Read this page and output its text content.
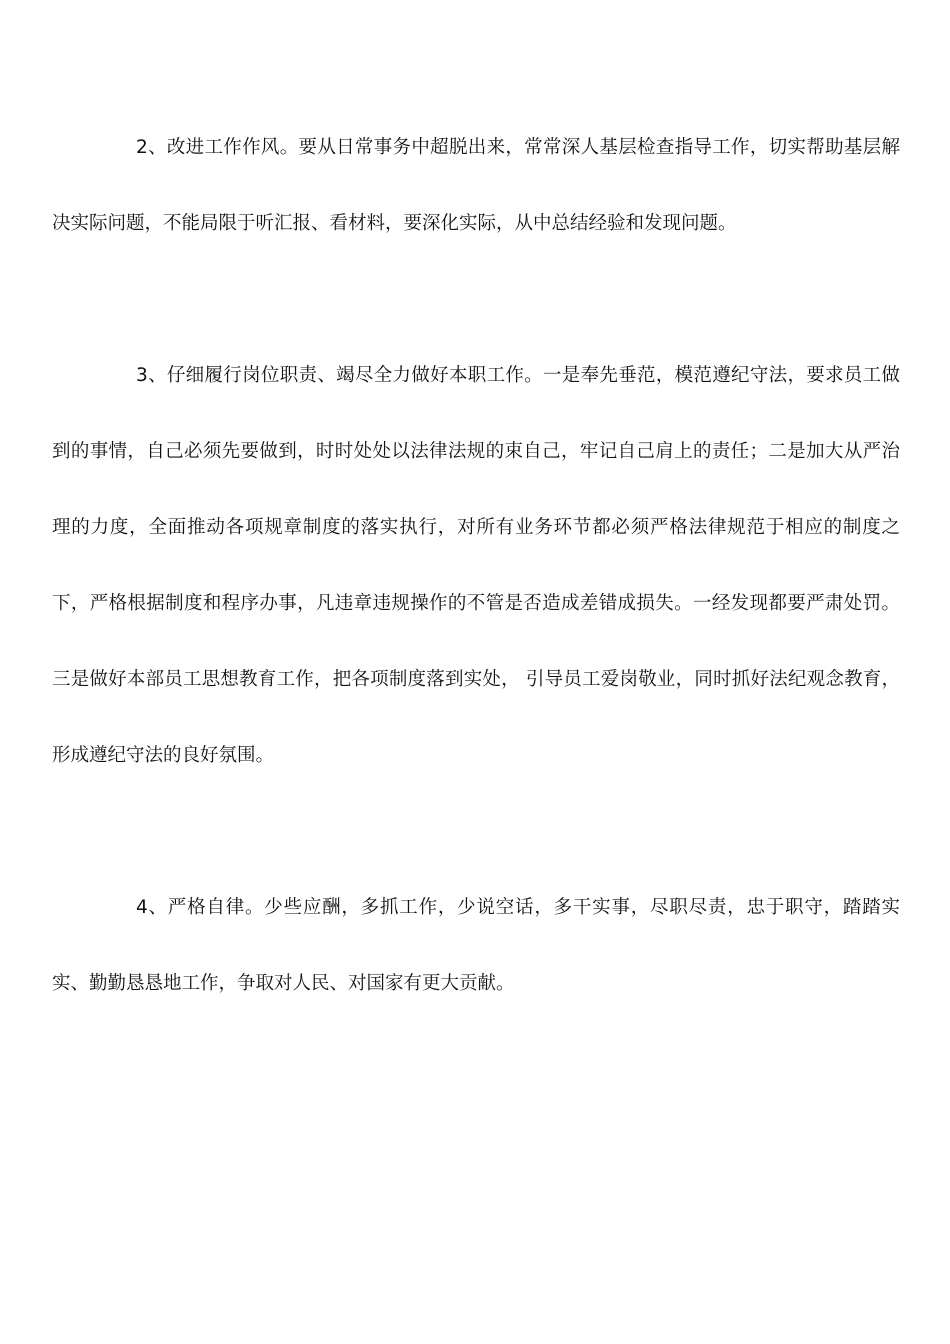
2、改进工作作风。要从日常事务中超脱出来，常常深人基层检查指导工作，切实帮助基层解决实际问题，不能局限于听汇报、看材料，要深化实际，从中总结经验和发现问题。

3、仔细履行岗位职责、竭尽全力做好本职工作。一是奉先垂范，模范遵纪守法，要求员工做到的事情，自己必须先要做到，时时处处以法律法规的束自己，牢记自己肩上的责任；二是加大从严治理的力度，全面推动各项规章制度的落实执行，对所有业务环节都必须严格法律规范于相应的制度之下，严格根据制度和程序办事，凡违章违规操作的不管是否造成差错成损失。一经发现都要严肃处罚。三是做好本部员工思想教育工作，把各项制度落到实处， 引导员工爱岗敬业，同时抓好法纪观念教育，形成遵纪守法的良好氛围。

4、严格自律。少些应酬，多抓工作，少说空话，多干实事，尽职尽责，忠于职守，踏踏实实、勤勤恳恳地工作，争取对人民、对国家有更大贡献。
